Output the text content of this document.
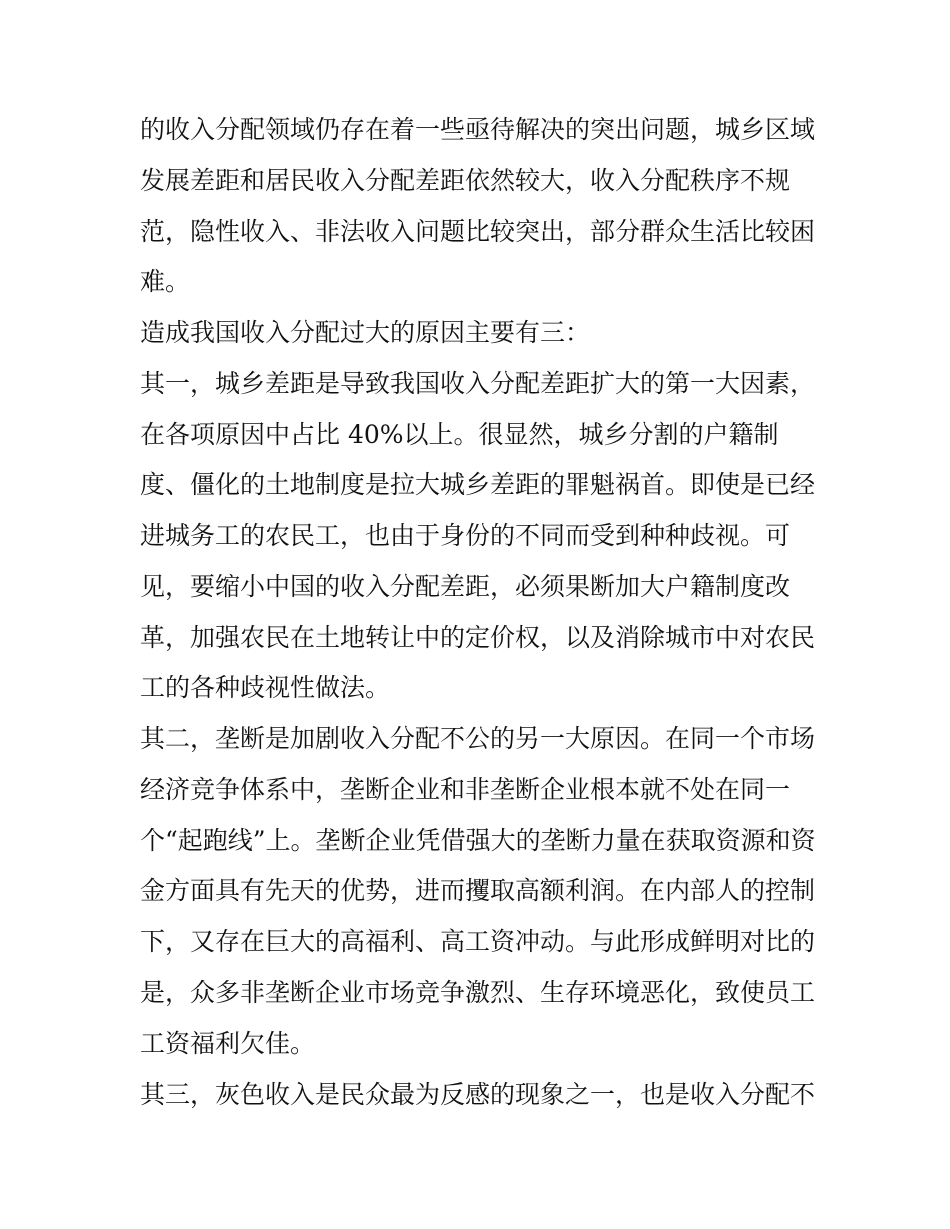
的收入分配领域仍存在着一些亟待解决的突出问题，城乡区域
发展差距和居民收入分配差距依然较大，收入分配秩序不规
范，隐性收入、非法收入问题比较突出，部分群众生活比较困
难。
造成我国收入分配过大的原因主要有三：
其一，城乡差距是导致我国收入分配差距扩大的第一大因素，
在各项原因中占比 40%以上。很显然，城乡分割的户籍制
度、僵化的土地制度是拉大城乡差距的罪魁祸首。即使是已经
进城务工的农民工，也由于身份的不同而受到种种歧视。可
见，要缩小中国的收入分配差距，必须果断加大户籍制度改
革，加强农民在土地转让中的定价权，以及消除城市中对农民
工的各种歧视性做法。
其二，垄断是加剧收入分配不公的另一大原因。在同一个市场
经济竞争体系中，垄断企业和非垄断企业根本就不处在同一
个“起跑线”上。垄断企业凭借强大的垄断力量在获取资源和资
金方面具有先天的优势，进而攫取高额利润。在内部人的控制
下，又存在巨大的高福利、高工资冲动。与此形成鲜明对比的
是，众多非垄断企业市场竞争激烈、生存环境恶化，致使员工
工资福利欠佳。
其三，灰色收入是民众最为反感的现象之一，也是收入分配不
